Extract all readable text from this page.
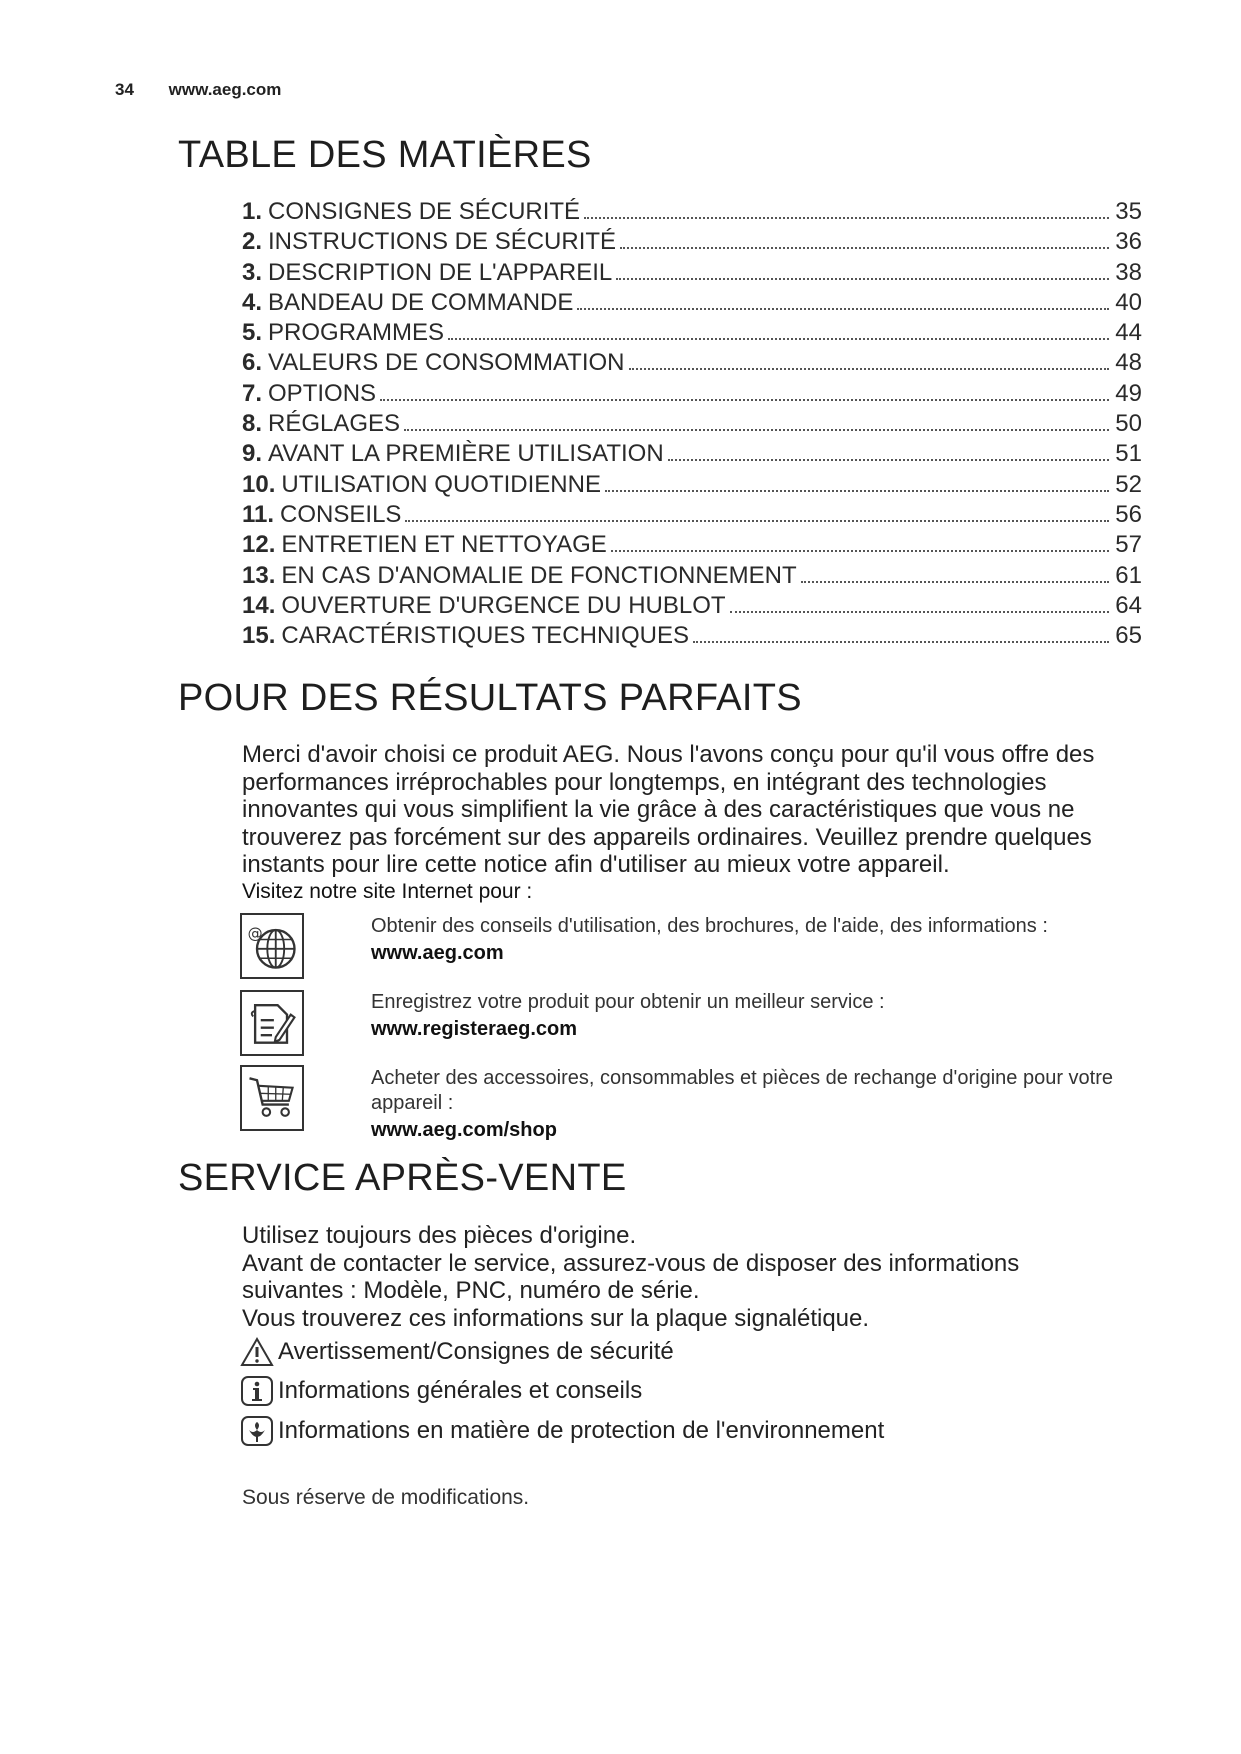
34 www.aeg.com
TABLE DES MATIÈRES
1. CONSIGNES DE SÉCURITÉ	35
2. INSTRUCTIONS DE SÉCURITÉ	36
3. DESCRIPTION DE L'APPAREIL	38
4. BANDEAU DE COMMANDE	40
5. PROGRAMMES	44
6. VALEURS DE CONSOMMATION	48
7. OPTIONS	49
8. RÉGLAGES	50
9. AVANT LA PREMIÈRE UTILISATION	51
10. UTILISATION QUOTIDIENNE	52
11. CONSEILS	56
12. ENTRETIEN ET NETTOYAGE	57
13. EN CAS D'ANOMALIE DE FONCTIONNEMENT	61
14. OUVERTURE D'URGENCE DU HUBLOT	64
15. CARACTÉRISTIQUES TECHNIQUES	65
POUR DES RÉSULTATS PARFAITS

Merci d'avoir choisi ce produit AEG. Nous l'avons conçu pour qu'il vous offre des performances irréprochables pour longtemps, en intégrant des technologies innovantes qui vous simplifient la vie grâce à des caractéristiques que vous ne trouverez pas forcément sur des appareils ordinaires. Veuillez prendre quelques instants pour lire cette notice afin d'utiliser au mieux votre appareil.

Visitez notre site Internet pour :
@	Obtenir des conseils d'utilisation, des brochures, de l'aide, des informations :
www.aeg.com
Enregistrez votre produit pour obtenir un meilleur service :
www.registeraeg.com
Acheter des accessoires, consommables et pièces de rechange d'origine pour votre appareil :
www.aeg.com/shop
SERVICE APRÈS-VENTE
Utilisez toujours des pièces d'origine.
Avant de contacter le service, assurez-vous de disposer des informations suivantes : Modèle, PNC, numéro de série.
Vous trouverez ces informations sur la plaque signalétique.
Avertissement/Consignes de sécurité
Informations générales et conseils
Informations en matière de protection de l'environnement
Sous réserve de modifications.
